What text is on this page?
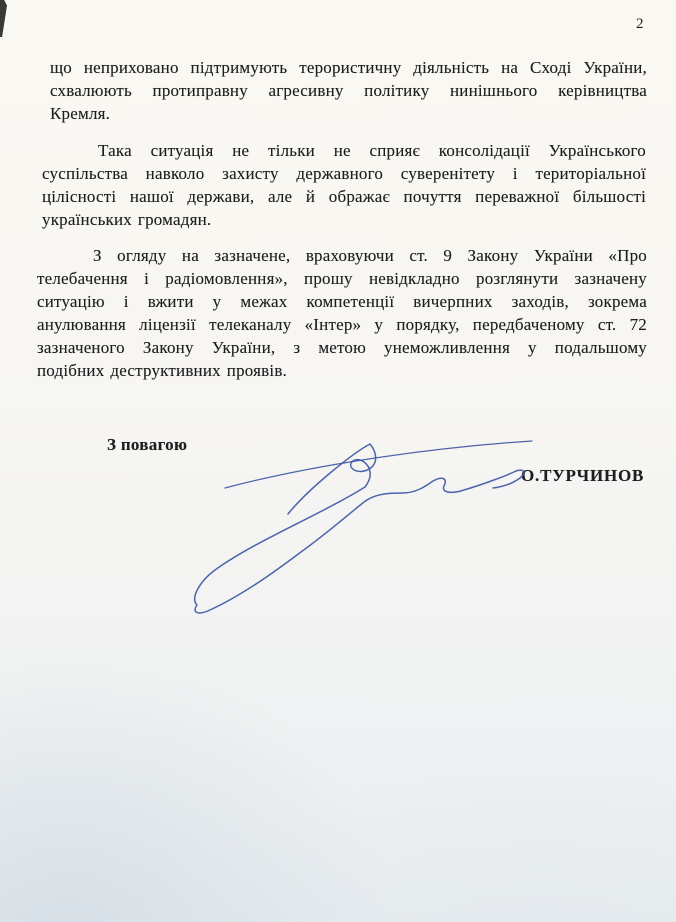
2
що неприховано підтримують терористичну діяльність на Сході України,
схвалюють протиправну агресивну політику нинішнього керівництва
Кремля.
Така ситуація не тільки не сприяє консолідації Українського
суспільства навколо захисту державного суверенітету і територіальної
цілісності нашої держави, але й ображає почуття переважної більшості
українських громадян.
З огляду на зазначене, враховуючи ст. 9 Закону України «Про
телебачення і радіомовлення», прошу невідкладно розглянути зазначену
ситуацію і вжити у межах компетенції вичерпних заходів, зокрема
анулювання ліцензії телеканалу «Інтер» у порядку, передбаченому ст. 72
зазначеного Закону України, з метою унеможливлення у подальшому
подібних деструктивних проявів.
З повагою
О.ТУРЧИНОВ
